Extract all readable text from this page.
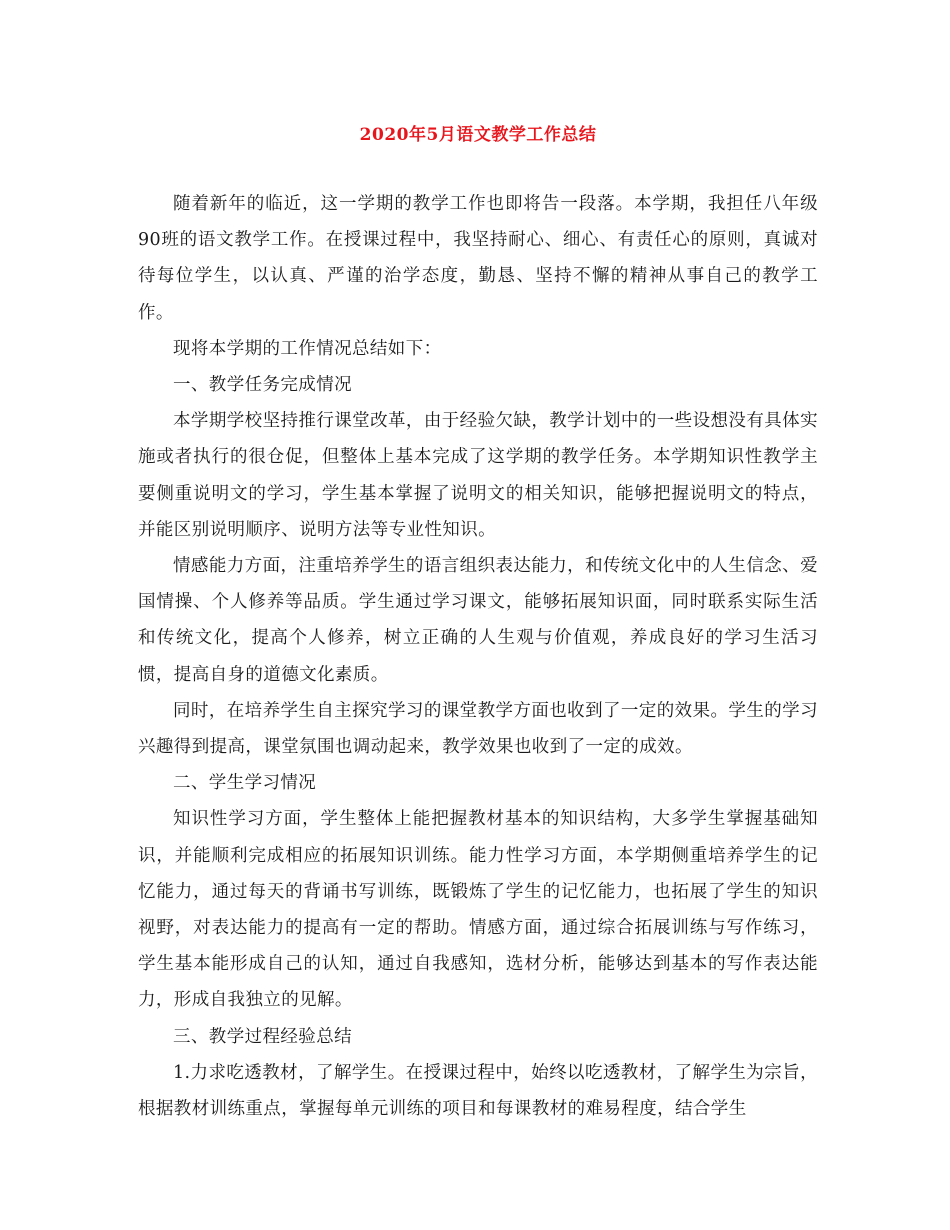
2020年5月语文教学工作总结

随着新年的临近，这一学期的教学工作也即将告一段落。本学期，我担任八年级90班的语文教学工作。在授课过程中，我坚持耐心、细心、有责任心的原则，真诚对待每位学生，以认真、严谨的治学态度，勤恳、坚持不懈的精神从事自己的教学工作。

现将本学期的工作情况总结如下：

一、教学任务完成情况

本学期学校坚持推行课堂改革，由于经验欠缺，教学计划中的一些设想没有具体实施或者执行的很仓促，但整体上基本完成了这学期的教学任务。本学期知识性教学主要侧重说明文的学习，学生基本掌握了说明文的相关知识，能够把握说明文的特点，并能区别说明顺序、说明方法等专业性知识。

情感能力方面，注重培养学生的语言组织表达能力，和传统文化中的人生信念、爱国情操、个人修养等品质。学生通过学习课文，能够拓展知识面，同时联系实际生活和传统文化，提高个人修养，树立正确的人生观与价值观，养成良好的学习生活习惯，提高自身的道德文化素质。

同时，在培养学生自主探究学习的课堂教学方面也收到了一定的效果。学生的学习兴趣得到提高，课堂氛围也调动起来，教学效果也收到了一定的成效。

二、学生学习情况

知识性学习方面，学生整体上能把握教材基本的知识结构，大多学生掌握基础知识，并能顺利完成相应的拓展知识训练。能力性学习方面，本学期侧重培养学生的记忆能力，通过每天的背诵书写训练，既锻炼了学生的记忆能力，也拓展了学生的知识视野，对表达能力的提高有一定的帮助。情感方面，通过综合拓展训练与写作练习，学生基本能形成自己的认知，通过自我感知，选材分析，能够达到基本的写作表达能力，形成自我独立的见解。

三、教学过程经验总结

1.力求吃透教材，了解学生。在授课过程中，始终以吃透教材，了解学生为宗旨，根据教材训练重点，掌握每单元训练的项目和每课教材的难易程度，结合学生
